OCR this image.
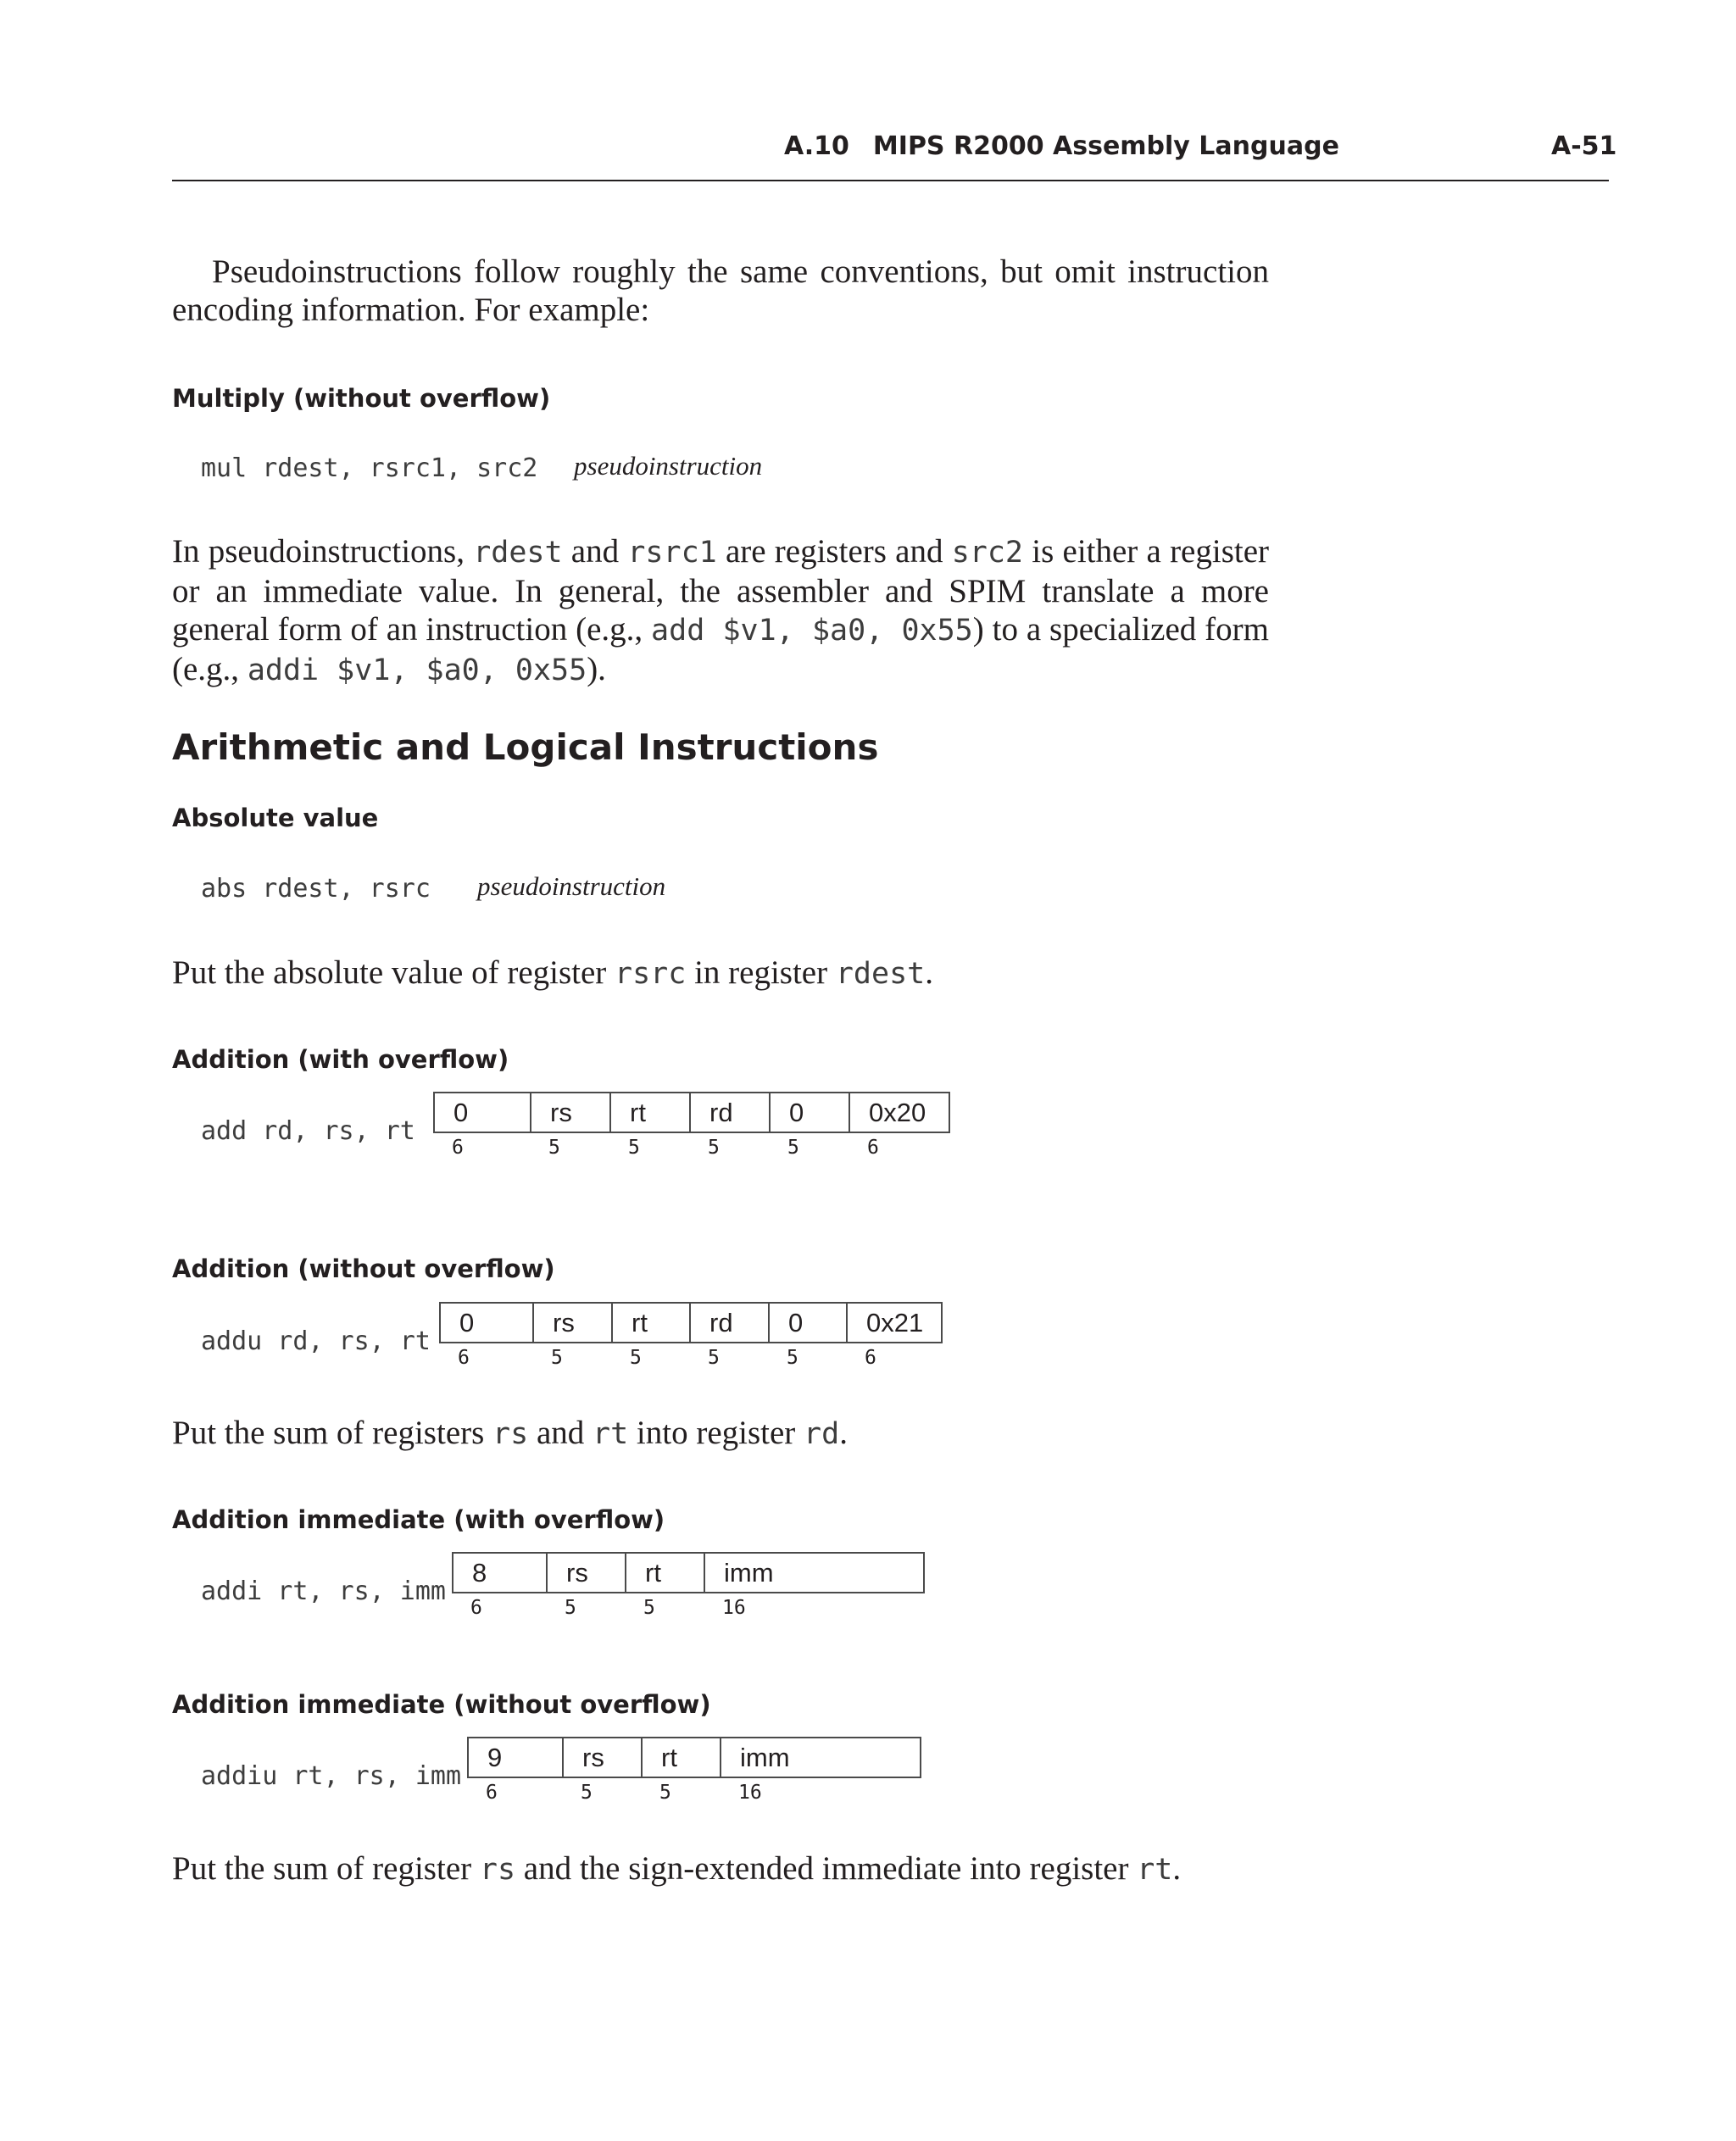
A.10 MIPS R2000 Assembly Language	A-51

Pseudoinstructions follow roughly the same conventions, but omit instruction encoding information. For example:

Multiply (without overflow)
mul rdest, rsrc1, src2 pseudoinstruction

In pseudoinstructions, rdest and rsrc1 are registers and src2 is either a register or an immediate value. In general, the assembler and SPIM translate a more general form of an instruction (e.g., add $v1, $a0, 0x55) to a specialized form (e.g., addi $v1, $a0, 0x55).

Arithmetic and Logical Instructions
Absolute value
abs rdest, rsrc pseudoinstruction

Put the absolute value of register rsrc in register rdest.

Addition (with overflow)
add rd, rs, rt
0	rs	rt	rd	0	0x20
6	5	5	5	5	6
Addition (without overflow)
addu rd, rs, rt
0	rs	rt	rd	0	0x21
6	5	5	5	5	6

Put the sum of registers rs and rt into register rd.

Addition immediate (with overflow)
addi rt, rs, imm
8	rs	rt	imm
6	5	5	16
Addition immediate (without overflow)
addiu rt, rs, imm
9	rs	rt	imm
6	5	5	16

Put the sum of register rs and the sign-extended immediate into register rt.
